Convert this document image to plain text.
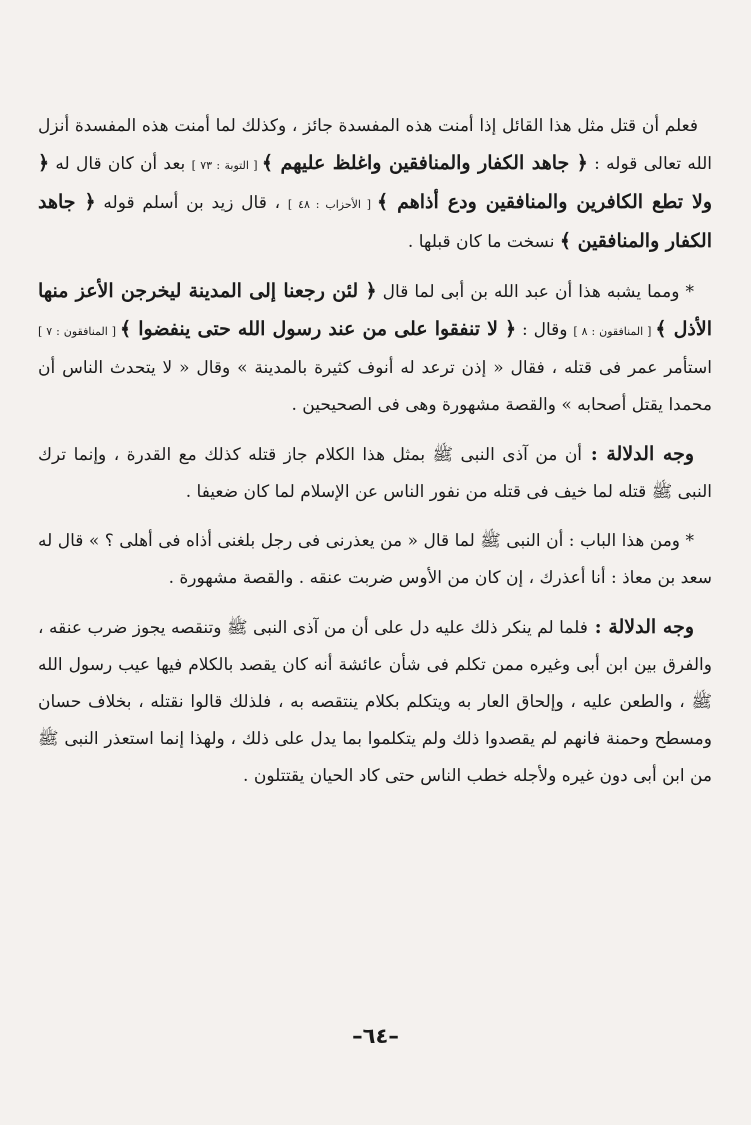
فعلم أن قتل مثل هذا القائل إذا أمنت هذه المفسدة جائز ، وكذلك لما أمنت هذه المفسدة أنزل الله تعالى قوله : ﴿ جاهد الكفار والمنافقين واغلظ عليهم ﴾ [ التوبة : ٧٣ ] بعد أن كان قال له ﴿ ولا تطع الكافرين والمنافقين ودع أذاهم ﴾ [ الأحزاب : ٤٨ ] ، قال زيد بن أسلم قوله ﴿ جاهد الكفار والمنافقين ﴾ نسخت ما كان قبلها .

* ومما يشبه هذا أن عبد الله بن أبى لما قال ﴿ لئن رجعنا إلى المدينة ليخرجن الأعز منها الأذل ﴾ [ المنافقون : ٨ ] وقال : ﴿ لا تنفقوا على من عند رسول الله حتى ينفضوا ﴾ [ المنافقون : ٧ ] استأمر عمر فى قتله ، فقال « إذن ترعد له أنوف كثيرة بالمدينة » وقال « لا يتحدث الناس أن محمدا يقتل أصحابه » والقصة مشهورة وهى فى الصحيحين .

وجه الدلالة : أن من آذى النبى ﷺ بمثل هذا الكلام جاز قتله كذلك مع القدرة ، وإنما ترك النبى ﷺ قتله لما خيف فى قتله من نفور الناس عن الإسلام لما كان ضعيفا .

* ومن هذا الباب : أن النبى ﷺ لما قال « من يعذرنى فى رجل بلغنى أذاه فى أهلى ؟ » قال له سعد بن معاذ : أنا أعذرك ، إن كان من الأوس ضربت عنقه . والقصة مشهورة .

وجه الدلالة : فلما لم ينكر ذلك عليه دل على أن من آذى النبى ﷺ وتنقصه يجوز ضرب عنقه ، والفرق بين ابن أبى وغيره ممن تكلم فى شأن عائشة أنه كان يقصد بالكلام فيها عيب رسول الله ﷺ ، والطعن عليه ، وإلحاق العار به ويتكلم بكلام ينتقصه به ، فلذلك قالوا نقتله ، بخلاف حسان ومسطح وحمنة فانهم لم يقصدوا ذلك ولم يتكلموا بما يدل على ذلك ، ولهذا إنما استعذر النبى ﷺ من ابن أبى دون غيره ولأجله خطب الناس حتى كاد الحيان يقتتلون .

–٦٤–
